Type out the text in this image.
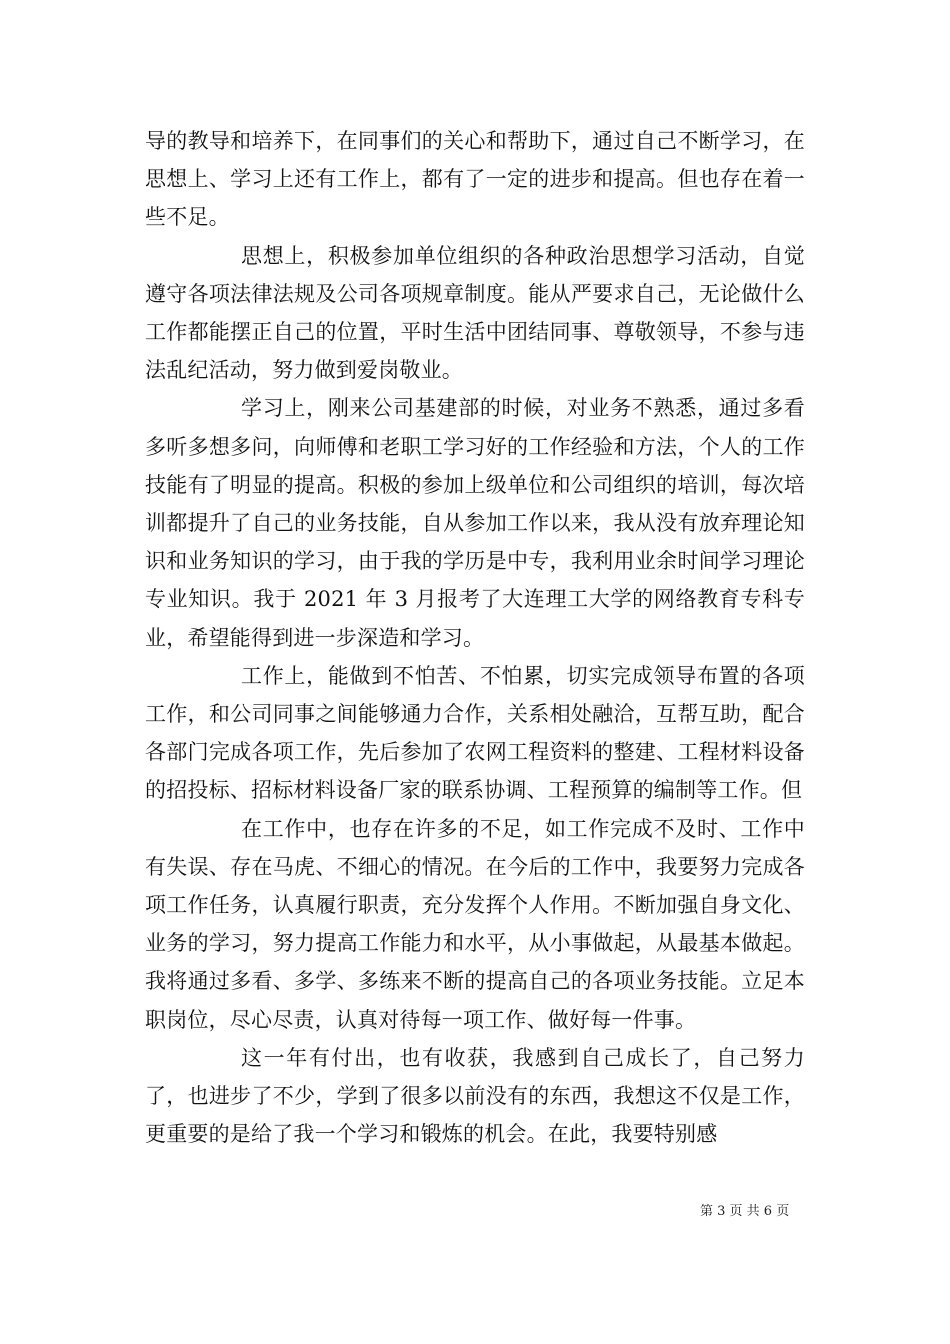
导的教导和培养下，在同事们的关心和帮助下，通过自己不断学习，在思想上、学习上还有工作上，都有了一定的进步和提高。但也存在着一些不足。

思想上，积极参加单位组织的各种政治思想学习活动，自觉遵守各项法律法规及公司各项规章制度。能从严要求自己，无论做什么工作都能摆正自己的位置，平时生活中团结同事、尊敬领导，不参与违法乱纪活动，努力做到爱岗敬业。

学习上，刚来公司基建部的时候，对业务不熟悉，通过多看多听多想多问，向师傅和老职工学习好的工作经验和方法，个人的工作技能有了明显的提高。积极的参加上级单位和公司组织的培训，每次培训都提升了自己的业务技能，自从参加工作以来，我从没有放弃理论知识和业务知识的学习，由于我的学历是中专，我利用业余时间学习理论专业知识。我于 2021 年 3 月报考了大连理工大学的网络教育专科专业，希望能得到进一步深造和学习。

工作上，能做到不怕苦、不怕累，切实完成领导布置的各项工作，和公司同事之间能够通力合作，关系相处融洽，互帮互助，配合各部门完成各项工作，先后参加了农网工程资料的整建、工程材料设备的招投标、招标材料设备厂家的联系协调、工程预算的编制等工作。但

在工作中，也存在许多的不足，如工作完成不及时、工作中有失误、存在马虎、不细心的情况。在今后的工作中，我要努力完成各项工作任务，认真履行职责，充分发挥个人作用。不断加强自身文化、业务的学习，努力提高工作能力和水平，从小事做起，从最基本做起。我将通过多看、多学、多练来不断的提高自己的各项业务技能。立足本职岗位，尽心尽责，认真对待每一项工作、做好每一件事。

这一年有付出，也有收获，我感到自己成长了，自己努力了，也进步了不少，学到了很多以前没有的东西，我想这不仅是工作，更重要的是给了我一个学习和锻炼的机会。在此，我要特别感

第 3 页 共 6 页
